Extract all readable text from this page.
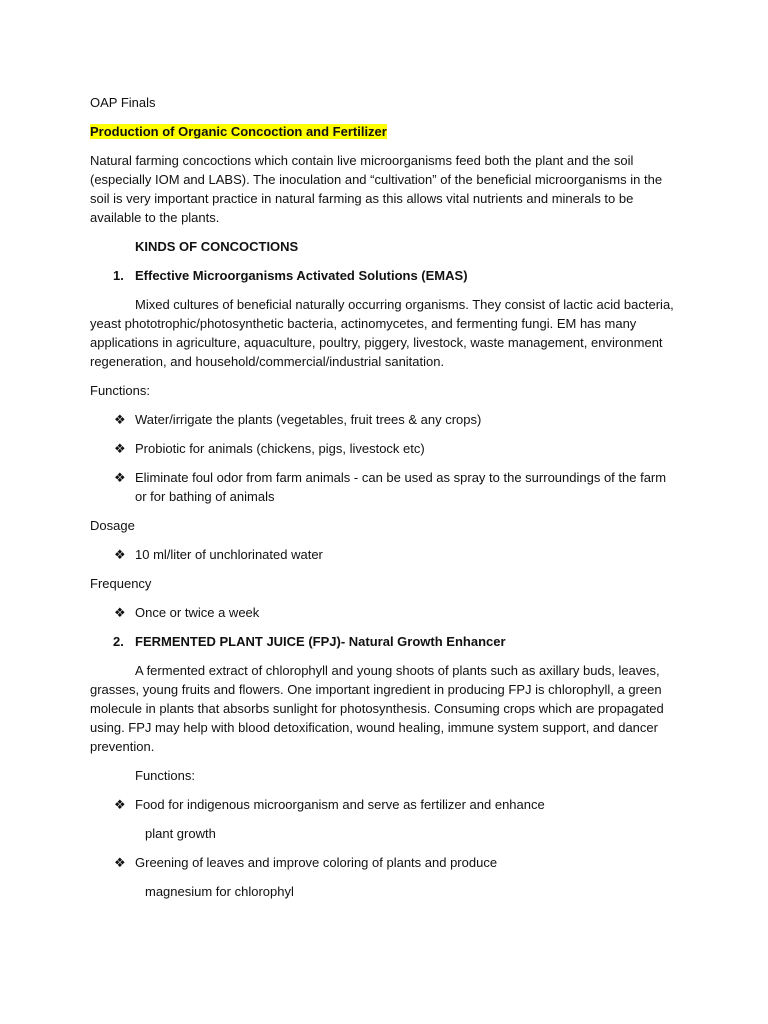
OAP Finals

Production of Organic Concoction and Fertilizer

Natural farming concoctions which contain live microorganisms feed both the plant and the soil (especially IOM and LABS). The inoculation and “cultivation” of the beneficial microorganisms in the soil is very important practice in natural farming as this allows vital nutrients and minerals to be available to the plants.

KINDS OF CONCOCTIONS

1. Effective Microorganisms Activated Solutions (EMAS)

Mixed cultures of beneficial naturally occurring organisms. They consist of lactic acid bacteria, yeast phototrophic/photosynthetic bacteria, actinomycetes, and fermenting fungi. EM has many applications in agriculture, aquaculture, poultry, piggery, livestock, waste management, environment regeneration, and household/commercial/industrial sanitation.

Functions:

❖ Water/irrigate the plants (vegetables, fruit trees & any crops)
❖ Probiotic for animals (chickens, pigs, livestock etc)
❖ Eliminate foul odor from farm animals - can be used as spray to the surroundings of the farm or for bathing of animals

Dosage

❖ 10 ml/liter of unchlorinated water

Frequency

❖ Once or twice a week
2. FERMENTED PLANT JUICE (FPJ)- Natural Growth Enhancer

A fermented extract of chlorophyll and young shoots of plants such as axillary buds, leaves, grasses, young fruits and flowers. One important ingredient in producing FPJ is chlorophyll, a green molecule in plants that absorbs sunlight for photosynthesis. Consuming crops which are propagated using. FPJ may help with blood detoxification, wound healing, immune system support, and dancer prevention.

Functions:

❖ Food for indigenous microorganism and serve as fertilizer and enhance

plant growth

❖ Greening of leaves and improve coloring of plants and produce

magnesium for chlorophyl
